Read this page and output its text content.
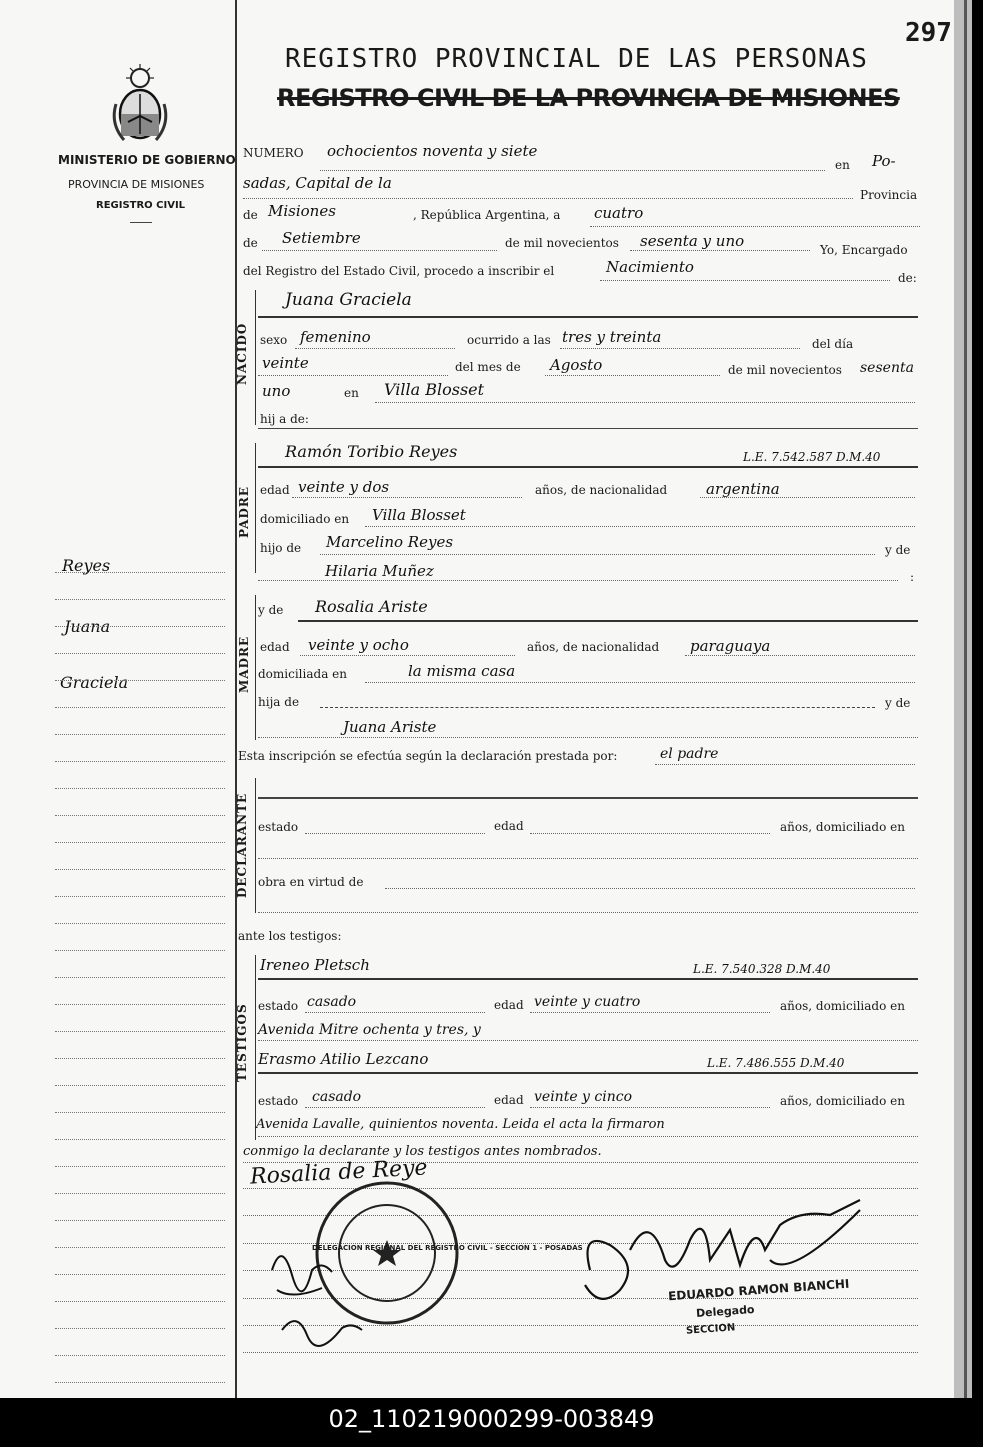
297
MINISTERIO DE GOBIERNO
PROVINCIA DE MISIONES
REGISTRO CIVIL
REGISTRO PROVINCIAL DE LAS PERSONAS
REGISTRO CIVIL DE LA PROVINCIA DE MISIONES
Reyes
Juana
Graciela
NUMERO ochocientos noventa y siete
en Po-
sadas, Capital de la
Provincia
de Misiones	, República Argentina, a cuatro
de Setiembre	de mil novecientos sesenta y uno	Yo, Encargado
del Registro del Estado Civil, procedo a inscribir el	Nacimiento
de:
NACIDO
Juana Graciela
sexo femenino	ocurrido a las tres y treinta	del día
veinte	del mes de Agosto	de mil novecientos sesenta
uno	en Villa Blosset
hij a de:
PADRE
Ramón Toribio Reyes	L.E. 7.542.587 D.M.40
edad veinte y dos	años, de nacionalidad	argentina
domiciliado en Villa Blosset
hijo de Marcelino Reyes	y de
Hilaria Muñez	:
MADRE
y de Rosalia Ariste
edad veinte y ocho	años, de nacionalidad paraguaya
domiciliada en	la misma casa
hija de	y de
Juana Ariste
Esta inscripción se efectúa según la declaración prestada por:	el padre
DECLARANTE estado	edad	años, domiciliado en
obra en virtud de
ante los testigos:
TESTIGOS
Ireneo Pletsch	L.E. 7.540.328 D.M.40
estado casado	edad veinte y cuatro	años, domiciliado en
Avenida Mitre ochenta y tres, y
Erasmo Atilio Lezcano	L.E. 7.486.555 D.M.40
estado casado	edad veinte y cinco	años, domiciliado en
Avenida Lavalle, quinientos noventa. Leida el acta la firmaron
conmigo la declarante y los testigos antes nombrados.
Rosalia de Reye
DELEGACION REGIONAL DEL REGISTRO CIVIL - SECCION 1 - POSADAS
EDUARDO RAMON BIANCHI
Delegado
SECCION
02_110219000299-003849
